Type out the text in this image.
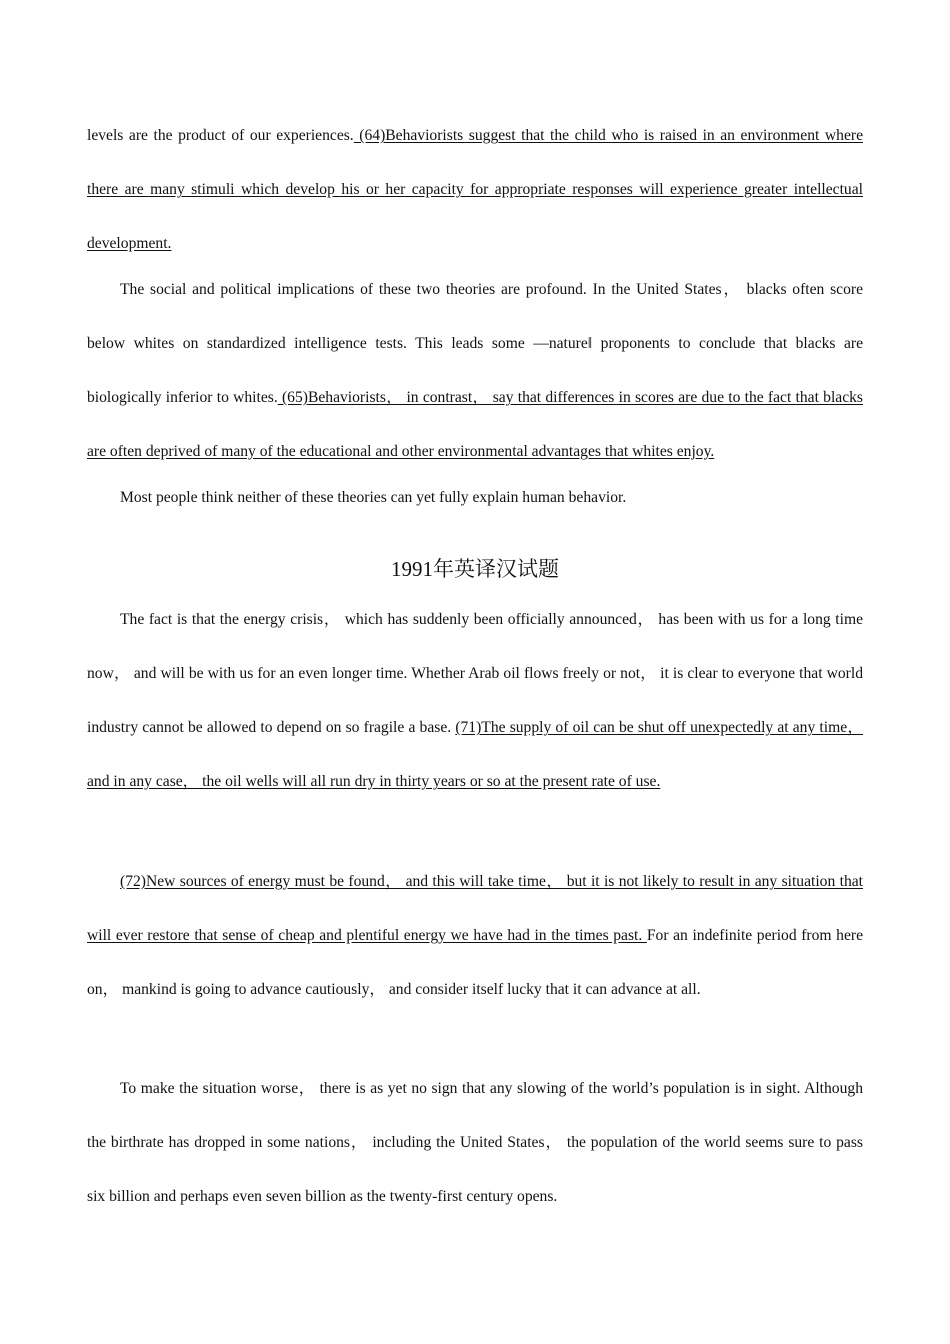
levels are the product of our experiences. (64)Behaviorists suggest that the child who is raised in an environment where there are many stimuli which develop his or her capacity for appropriate responses will experience greater intellectual development.

The social and political implications of these two theories are profound. In the United States， blacks often score below whites on standardized intelligence tests. This leads some ―nature‖ proponents to conclude that blacks are biologically inferior to whites. (65)Behaviorists， in contrast， say that differences in scores are due to the fact that blacks are often deprived of many of the educational and other environmental advantages that whites enjoy.

Most people think neither of these theories can yet fully explain human behavior.

1991年英译汉试题

The fact is that the energy crisis， which has suddenly been officially announced， has been with us for a long time now， and will be with us for an even longer time. Whether Arab oil flows freely or not， it is clear to everyone that world industry cannot be allowed to depend on so fragile a base. (71)The supply of oil can be shut off unexpectedly at any time， and in any case， the oil wells will all run dry in thirty years or so at the present rate of use.

(72)New sources of energy must be found， and this will take time， but it is not likely to result in any situation that will ever restore that sense of cheap and plentiful energy we have had in the times past. For an indefinite period from here on， mankind is going to advance cautiously， and consider itself lucky that it can advance at all.

To make the situation worse， there is as yet no sign that any slowing of the world’s population is in sight. Although the birthrate has dropped in some nations， including the United States， the population of the world seems sure to pass six billion and perhaps even seven billion as the twenty-first century opens.
